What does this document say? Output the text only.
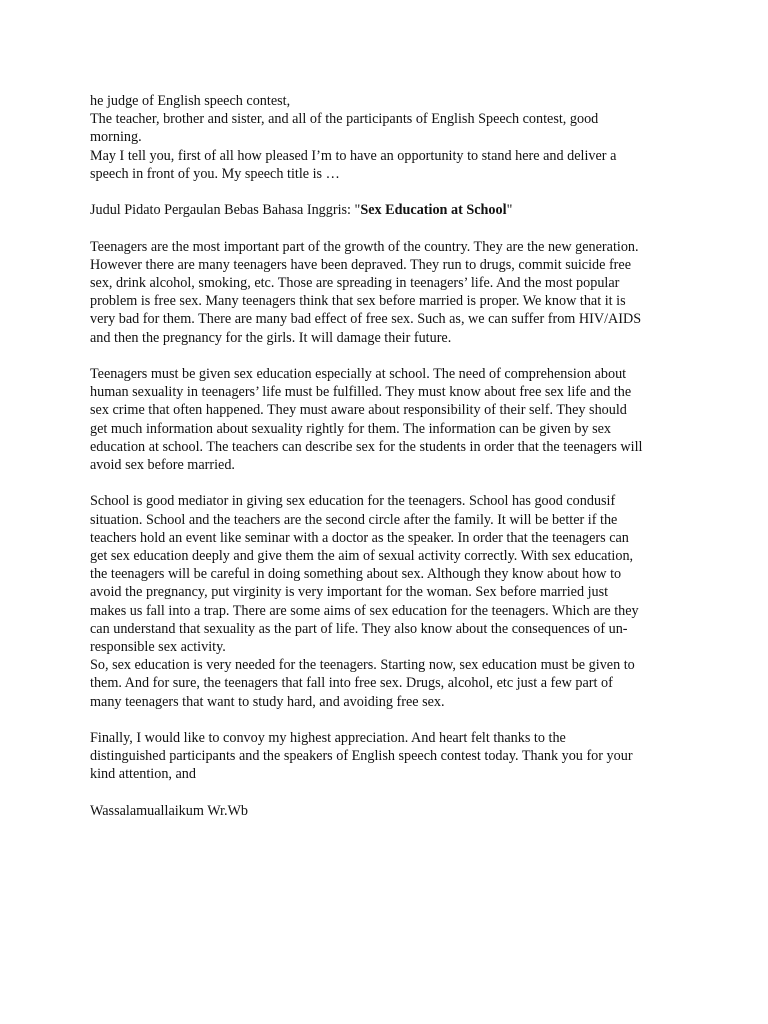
he judge of English speech contest,
The teacher, brother and sister, and all of the participants of English Speech contest, good
morning.
May I tell you, first of all how pleased I’m to have an opportunity to stand here and deliver a
speech in front of you. My speech title is …
Judul Pidato Pergaulan Bebas Bahasa Inggris: "Sex Education at School"
Teenagers are the most important part of the growth of the country. They are the new generation.
However there are many teenagers have been depraved. They run to drugs, commit suicide free
sex, drink alcohol, smoking, etc. Those are spreading in teenagers’ life. And the most popular
problem is free sex. Many teenagers think that sex before married is proper. We know that it is
very bad for them. There are many bad effect of free sex. Such as, we can suffer from HIV/AIDS
and then the pregnancy for the girls. It will damage their future.
Teenagers must be given sex education especially at school. The need of comprehension about
human sexuality in teenagers’ life must be fulfilled. They must know about free sex life and the
sex crime that often happened. They must aware about responsibility of their self. They should
get much information about sexuality rightly for them. The information can be given by sex
education at school. The teachers can describe sex for the students in order that the teenagers will
avoid sex before married.
School is good mediator in giving sex education for the teenagers. School has good condusif
situation. School and the teachers are the second circle after the family. It will be better if the
teachers hold an event like seminar with a doctor as the speaker. In order that the teenagers can
get sex education deeply and give them the aim of sexual activity correctly. With sex education,
the teenagers will be careful in doing something about sex. Although they know about how to
avoid the pregnancy, put virginity is very important for the woman. Sex before married just
makes us fall into a trap. There are some aims of sex education for the teenagers. Which are they
can understand that sexuality as the part of life. They also know about the consequences of un-
responsible sex activity.
So, sex education is very needed for the teenagers. Starting now, sex education must be given to
them. And for sure, the teenagers that fall into free sex. Drugs, alcohol, etc just a few part of
many teenagers that want to study hard, and avoiding free sex.
Finally, I would like to convoy my highest appreciation. And heart felt thanks to the
distinguished participants and the speakers of English speech contest today. Thank you for your
kind attention, and
Wassalamuallaikum Wr.Wb
